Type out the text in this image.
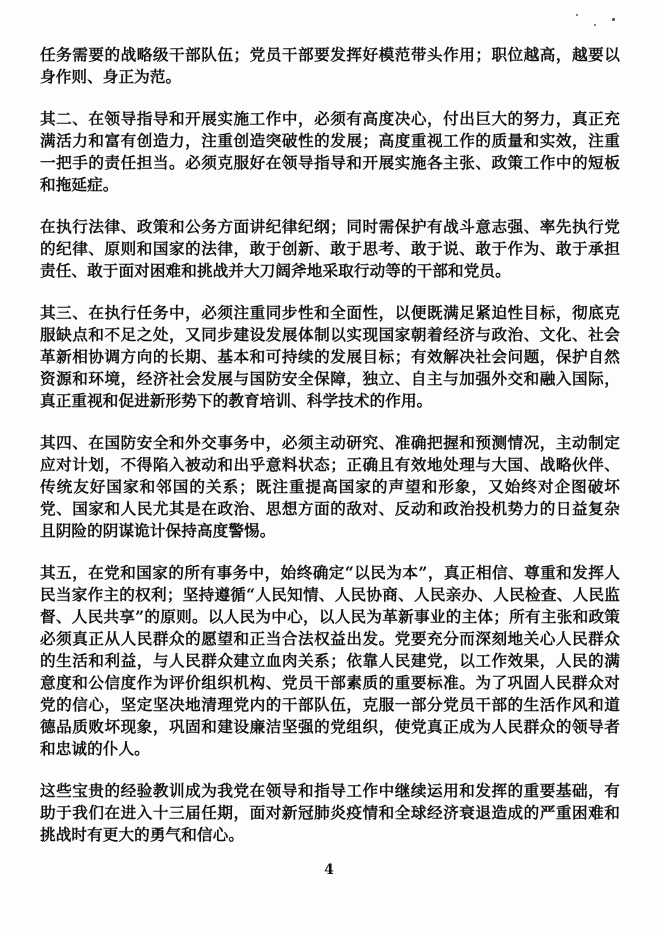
任务需要的战略级干部队伍；党员干部要发挥好模范带头作用；职位越高，越要以身作则、身正为范。

其二、在领导指导和开展实施工作中，必须有高度决心，付出巨大的努力，真正充满活力和富有创造力，注重创造突破性的发展；高度重视工作的质量和实效，注重一把手的责任担当。必须克服好在领导指导和开展实施各主张、政策工作中的短板和拖延症。

在执行法律、政策和公务方面讲纪律纪纲；同时需保护有战斗意志强、率先执行党的纪律、原则和国家的法律，敢于创新、敢于思考、敢于说、敢于作为、敢于承担责任、敢于面对困难和挑战并大刀阔斧地采取行动等的干部和党员。

其三、在执行任务中，必须注重同步性和全面性，以便既满足紧迫性目标，彻底克服缺点和不足之处，又同步建设发展体制以实现国家朝着经济与政治、文化、社会革新相协调方向的长期、基本和可持续的发展目标；有效解决社会问题，保护自然资源和环境，经济社会发展与国防安全保障，独立、自主与加强外交和融入国际，真正重视和促进新形势下的教育培训、科学技术的作用。

其四、在国防安全和外交事务中，必须主动研究、准确把握和预测情况，主动制定应对计划，不得陷入被动和出乎意料状态；正确且有效地处理与大国、战略伙伴、传统友好国家和邻国的关系；既注重提高国家的声望和形象，又始终对企图破坏党、国家和人民尤其是在政治、思想方面的敌对、反动和政治投机势力的日益复杂且阴险的阴谋诡计保持高度警惕。

其五，在党和国家的所有事务中，始终确定“以民为本”，真正相信、尊重和发挥人民当家作主的权利；坚持遵循“人民知情、人民协商、人民亲办、人民检查、人民监督、人民共享”的原则。以人民为中心，以人民为革新事业的主体；所有主张和政策必须真正从人民群众的愿望和正当合法权益出发。党要充分而深刻地关心人民群众的生活和利益，与人民群众建立血肉关系；依靠人民建党，以工作效果，人民的满意度和公信度作为评价组织机构、党员干部素质的重要标准。为了巩固人民群众对党的信心，坚定坚决地清理党内的干部队伍，克服一部分党员干部的生活作风和道德品质败坏现象，巩固和建设廉洁坚强的党组织，使党真正成为人民群众的领导者和忠诚的仆人。

这些宝贵的经验教训成为我党在领导和指导工作中继续运用和发挥的重要基础，有助于我们在进入十三届任期，面对新冠肺炎疫情和全球经济衰退造成的严重困难和挑战时有更大的勇气和信心。

4
